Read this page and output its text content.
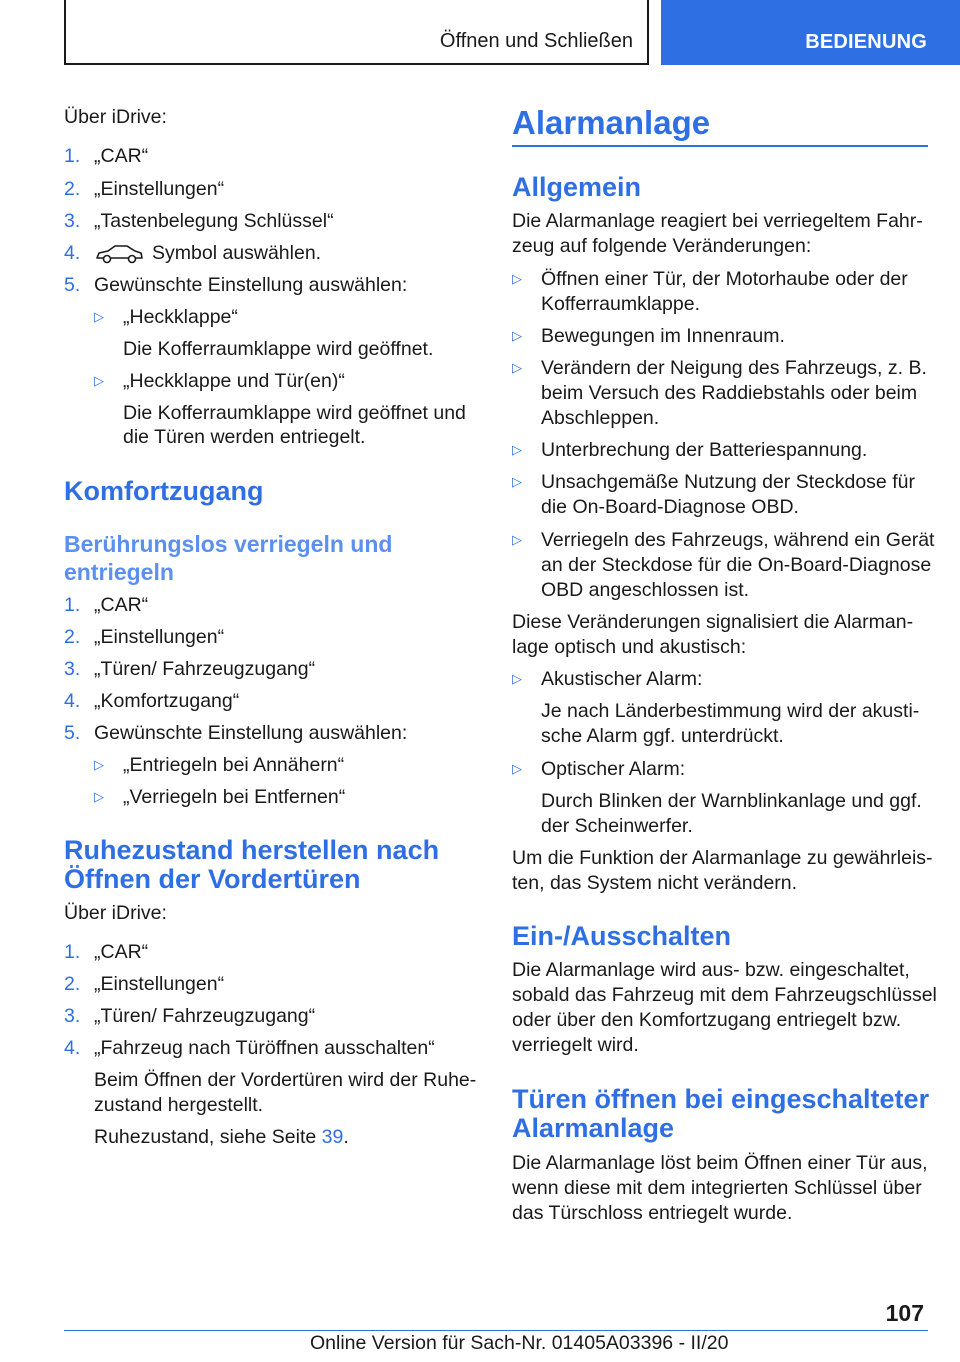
Öffnen und Schließen	BEDIENUNG
Über iDrive:
1. „CAR“
2. „Einstellungen“
3. „Tastenbelegung Schlüssel“
4.	Symbol auswählen.
5. Gewünschte Einstellung auswählen:
▷ „Heckklappe“
Die Kofferraumklappe wird geöffnet.
▷ „Heckklappe und Tür(en)“
Die Kofferraumklappe wird geöffnet und
die Türen werden entriegelt.
Komfortzugang
Berührungslos verriegeln und
entriegeln
1. „CAR“
2. „Einstellungen“
3. „Türen/ Fahrzeugzugang“
4. „Komfortzugang“
5. Gewünschte Einstellung auswählen:
▷ „Entriegeln bei Annähern“
▷ „Verriegeln bei Entfernen“
Ruhezustand herstellen nach
Öffnen der Vordertüren
Über iDrive:
1. „CAR“
2. „Einstellungen“
3. „Türen/ Fahrzeugzugang“
4. „Fahrzeug nach Türöffnen ausschalten“
Beim Öffnen der Vordertüren wird der Ruhe-
zustand hergestellt.
Ruhezustand, siehe Seite 39.
Alarmanlage
Allgemein
Die Alarmanlage reagiert bei verriegeltem Fahr-
zeug auf folgende Veränderungen:
▷ Öffnen einer Tür, der Motorhaube oder der
Kofferraumklappe.
▷ Bewegungen im Innenraum.
▷ Verändern der Neigung des Fahrzeugs, z. B.
beim Versuch des Raddiebstahls oder beim
Abschleppen.
▷ Unterbrechung der Batteriespannung.
▷ Unsachgemäße Nutzung der Steckdose für
die On-Board-Diagnose OBD.
▷ Verriegeln des Fahrzeugs, während ein Gerät
an der Steckdose für die On-Board-Diagnose
OBD angeschlossen ist.
Diese Veränderungen signalisiert die Alarman-
lage optisch und akustisch:
▷ Akustischer Alarm:
Je nach Länderbestimmung wird der akusti-
sche Alarm ggf. unterdrückt.
▷ Optischer Alarm:
Durch Blinken der Warnblinkanlage und ggf.
der Scheinwerfer.
Um die Funktion der Alarmanlage zu gewährleis-
ten, das System nicht verändern.
Ein-/Ausschalten
Die Alarmanlage wird aus- bzw. eingeschaltet,
sobald das Fahrzeug mit dem Fahrzeugschlüssel
oder über den Komfortzugang entriegelt bzw.
verriegelt wird.
Türen öffnen bei eingeschalteter
Alarmanlage
Die Alarmanlage löst beim Öffnen einer Tür aus,
wenn diese mit dem integrierten Schlüssel über
das Türschloss entriegelt wurde.
107
Online Version für Sach-Nr. 01405A03396 - II/20
